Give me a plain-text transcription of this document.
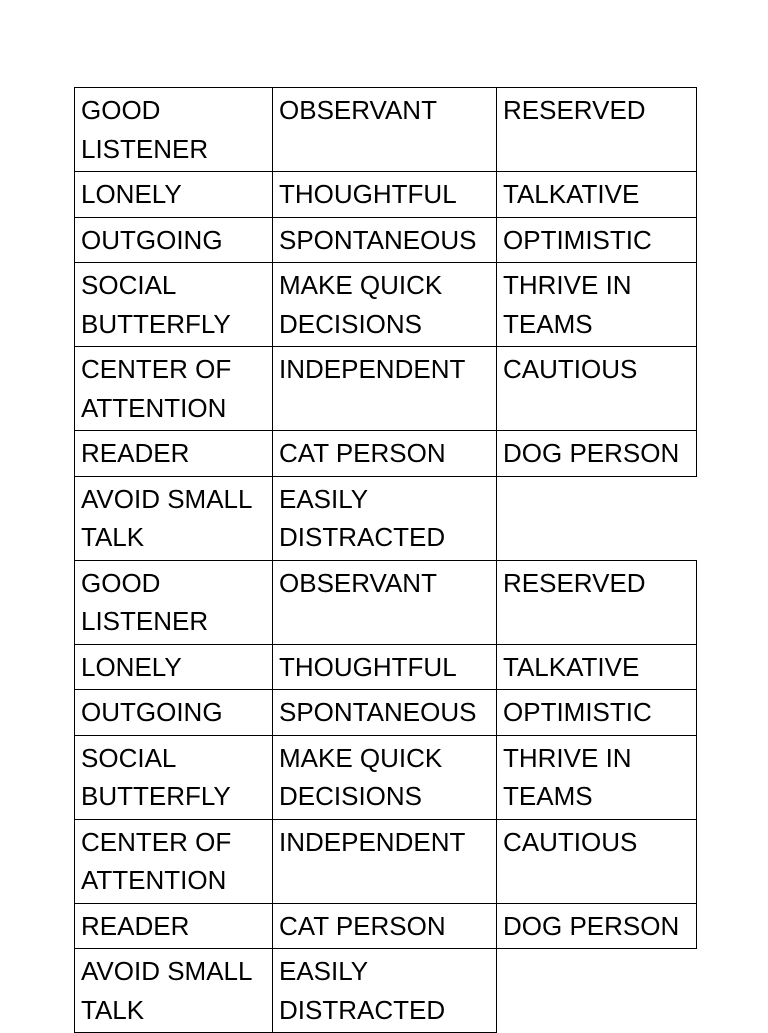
GOOD LISTENER	OBSERVANT	RESERVED
LONELY	THOUGHTFUL	TALKATIVE
OUTGOING	SPONTANEOUS	OPTIMISTIC
SOCIAL BUTTERFLY	MAKE QUICK DECISIONS	THRIVE IN TEAMS
CENTER OF ATTENTION	INDEPENDENT	CAUTIOUS
READER	CAT PERSON	DOG PERSON
AVOID SMALL TALK	EASILY DISTRACTED	
GOOD LISTENER	OBSERVANT	RESERVED
LONELY	THOUGHTFUL	TALKATIVE
OUTGOING	SPONTANEOUS	OPTIMISTIC
SOCIAL BUTTERFLY	MAKE QUICK DECISIONS	THRIVE IN TEAMS
CENTER OF ATTENTION	INDEPENDENT	CAUTIOUS
READER	CAT PERSON	DOG PERSON
AVOID SMALL TALK	EASILY DISTRACTED	
